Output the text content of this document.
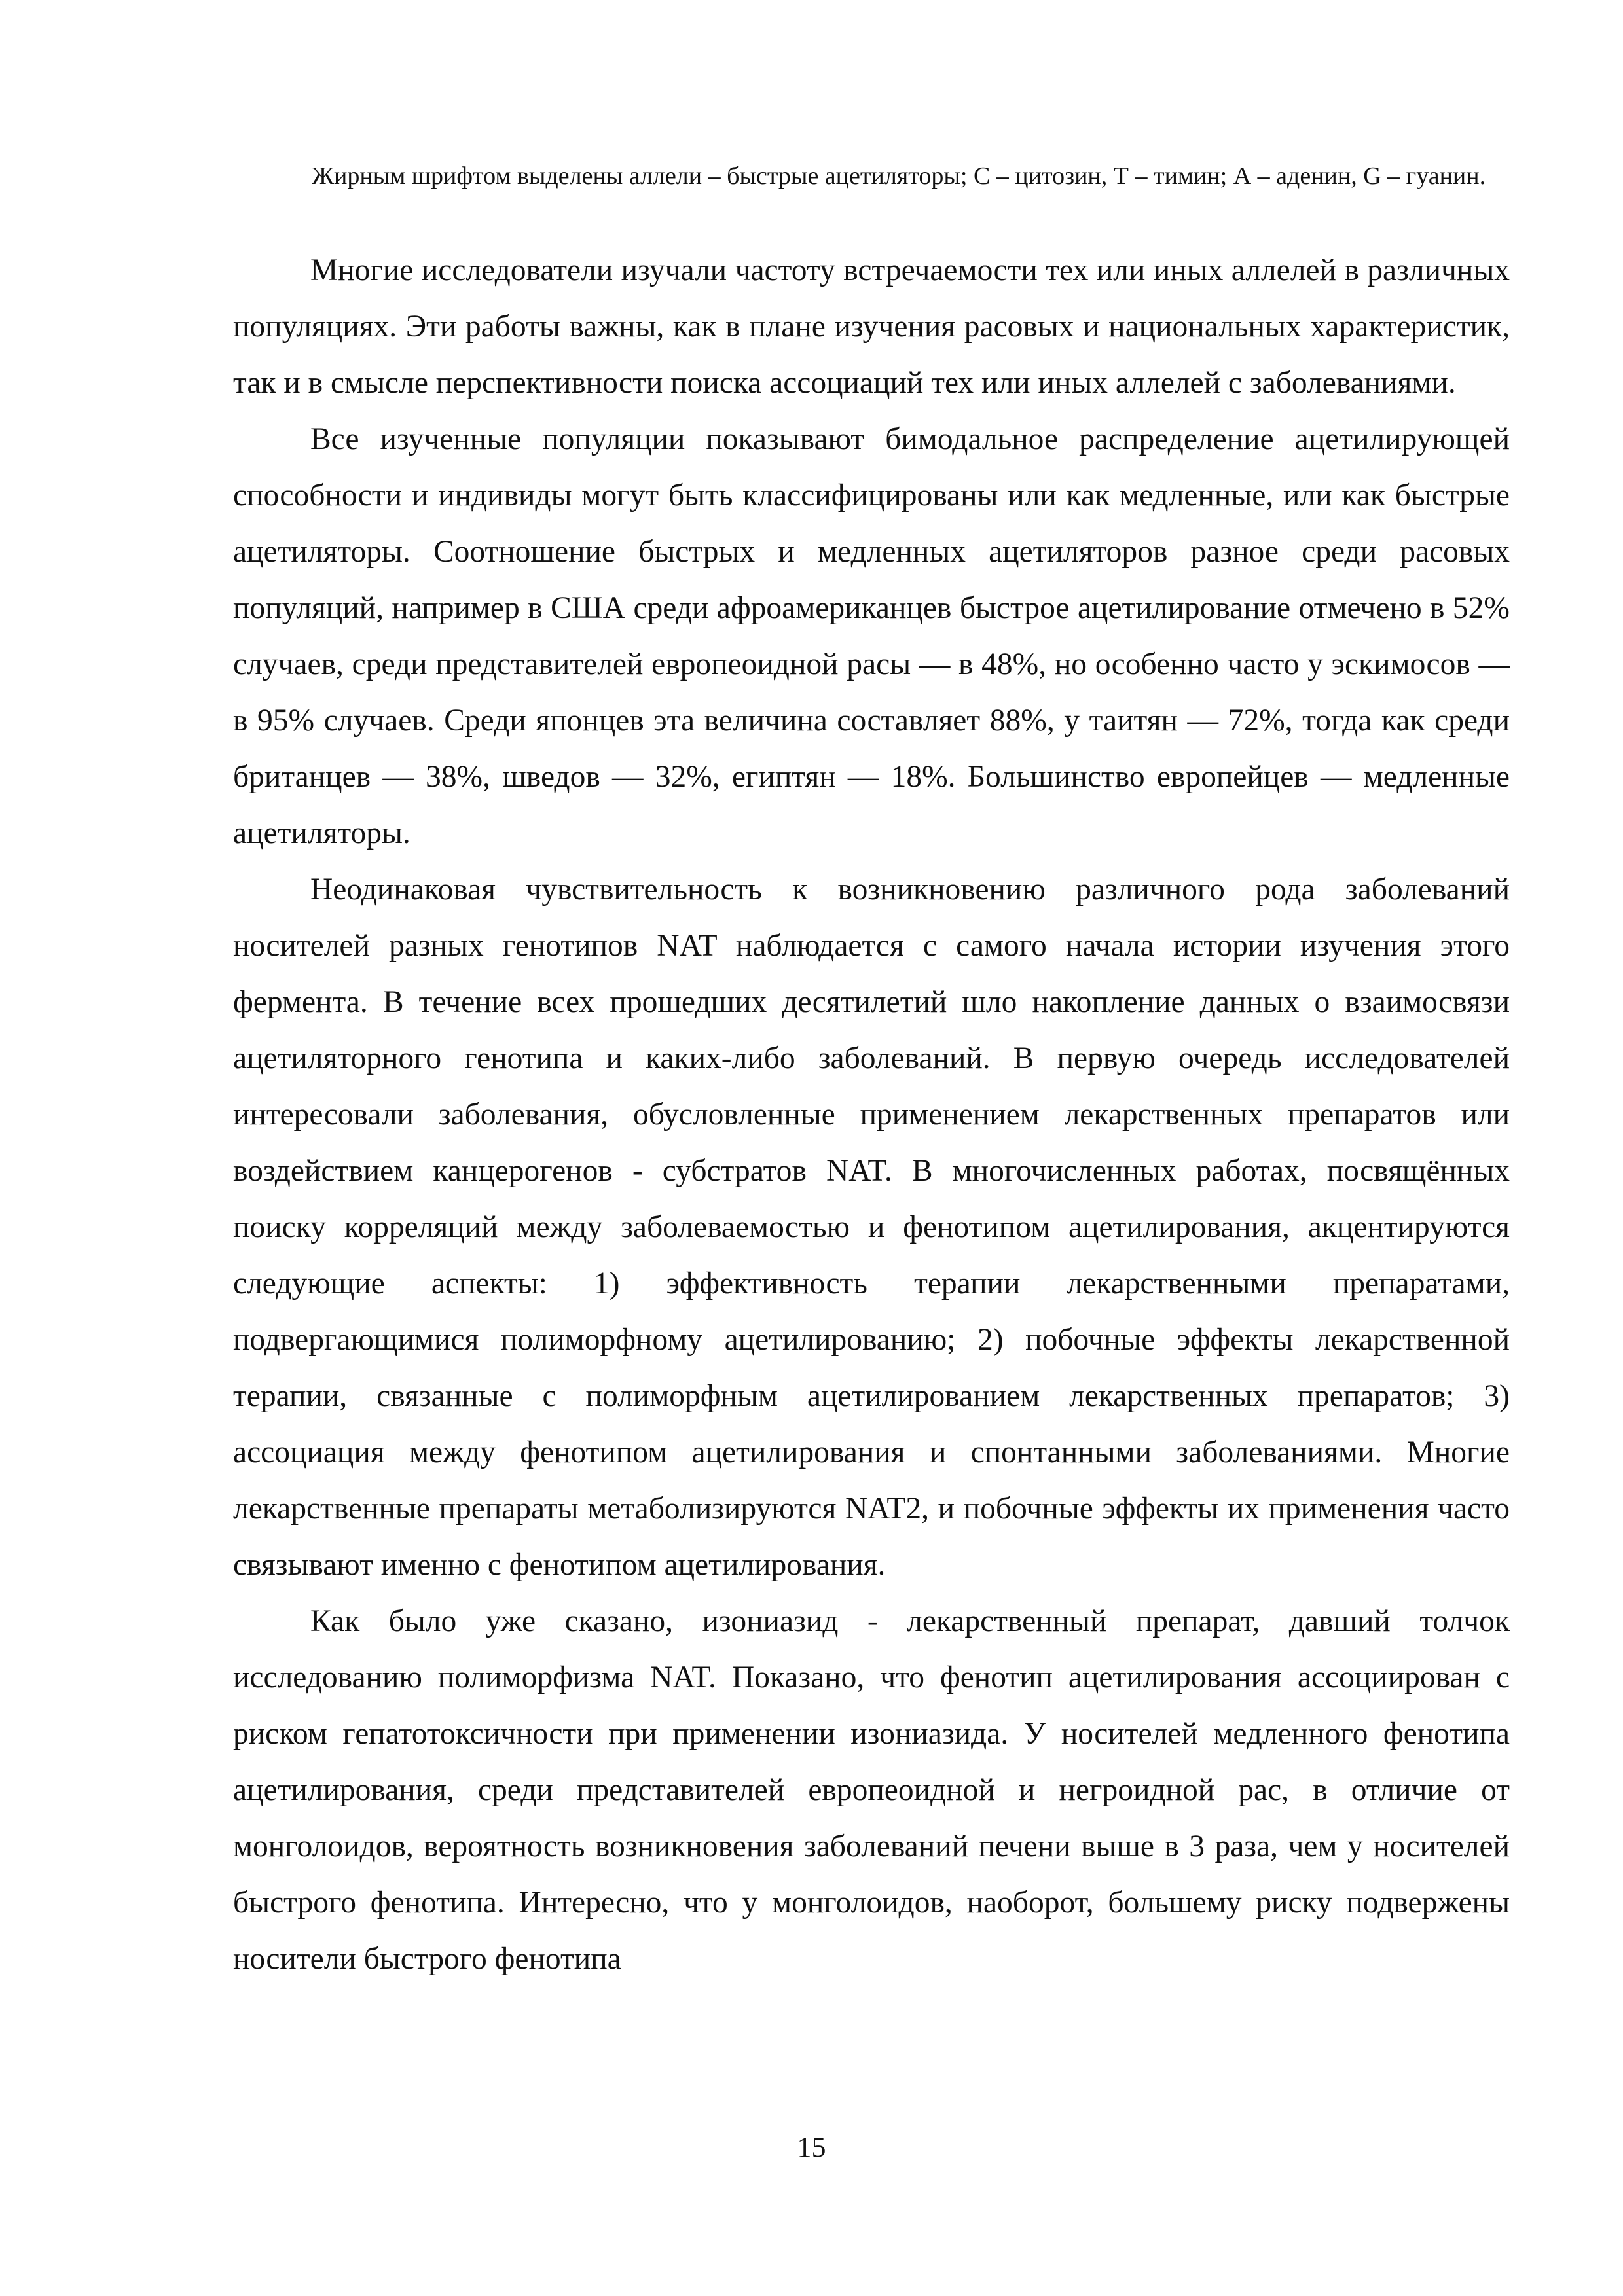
Жирным шрифтом выделены аллели – быстрые ацетиляторы; С – цитозин, Т – тимин; А – аденин, G – гуанин.

Многие исследователи изучали частоту встречаемости тех или иных аллелей в различных популяциях. Эти работы важны, как в плане изучения расовых и национальных характеристик, так и в смысле перспективности поиска ассоциаций тех или иных аллелей с заболеваниями.

Все изученные популяции показывают бимодальное распределение ацетилирующей способности и индивиды могут быть классифицированы или как медленные, или как быстрые ацетиляторы. Соотношение быстрых и медленных ацетиляторов разное среди расовых популяций, например в США среди афроамериканцев быстрое ацетилирование отмечено в 52% случаев, среди представителей европеоидной расы — в 48%, но особенно часто у эскимосов — в 95% случаев. Среди японцев эта величина составляет 88%, у таитян — 72%, тогда как среди британцев — 38%, шведов — 32%, египтян — 18%. Большинство европейцев — медленные ацетиляторы.

Неодинаковая чувствительность к возникновению различного рода заболеваний носителей разных генотипов NAT наблюдается с самого начала истории изучения этого фермента. В течение всех прошедших десятилетий шло накопление данных о взаимосвязи ацетиляторного генотипа и каких-либо заболеваний. В первую очередь исследователей интересовали заболевания, обусловленные применением лекарственных препаратов или воздействием канцерогенов - субстратов NAT. В многочисленных работах, посвящённых поиску корреляций между заболеваемостью и фенотипом ацетилирования, акцентируются следующие аспекты: 1) эффективность терапии лекарственными препаратами, подвергающимися полиморфному ацетилированию; 2) побочные эффекты лекарственной терапии, связанные с полиморфным ацетилированием лекарственных препаратов; 3) ассоциация между фенотипом ацетилирования и спонтанными заболеваниями. Многие лекарственные препараты метаболизируются NAT2, и побочные эффекты их применения часто связывают именно с фенотипом ацетилирования.

Как было уже сказано, изониазид - лекарственный препарат, давший толчок исследованию полиморфизма NAT. Показано, что фенотип ацетилирования ассоциирован с риском гепатотоксичности при применении изониазида. У носителей медленного фенотипа ацетилирования, среди представителей европеоидной и негроидной рас, в отличие от монголоидов, вероятность возникновения заболеваний печени выше в 3 раза, чем у носителей быстрого фенотипа. Интересно, что у монголоидов, наоборот, большему риску подвержены носители быстрого фенотипа

15
